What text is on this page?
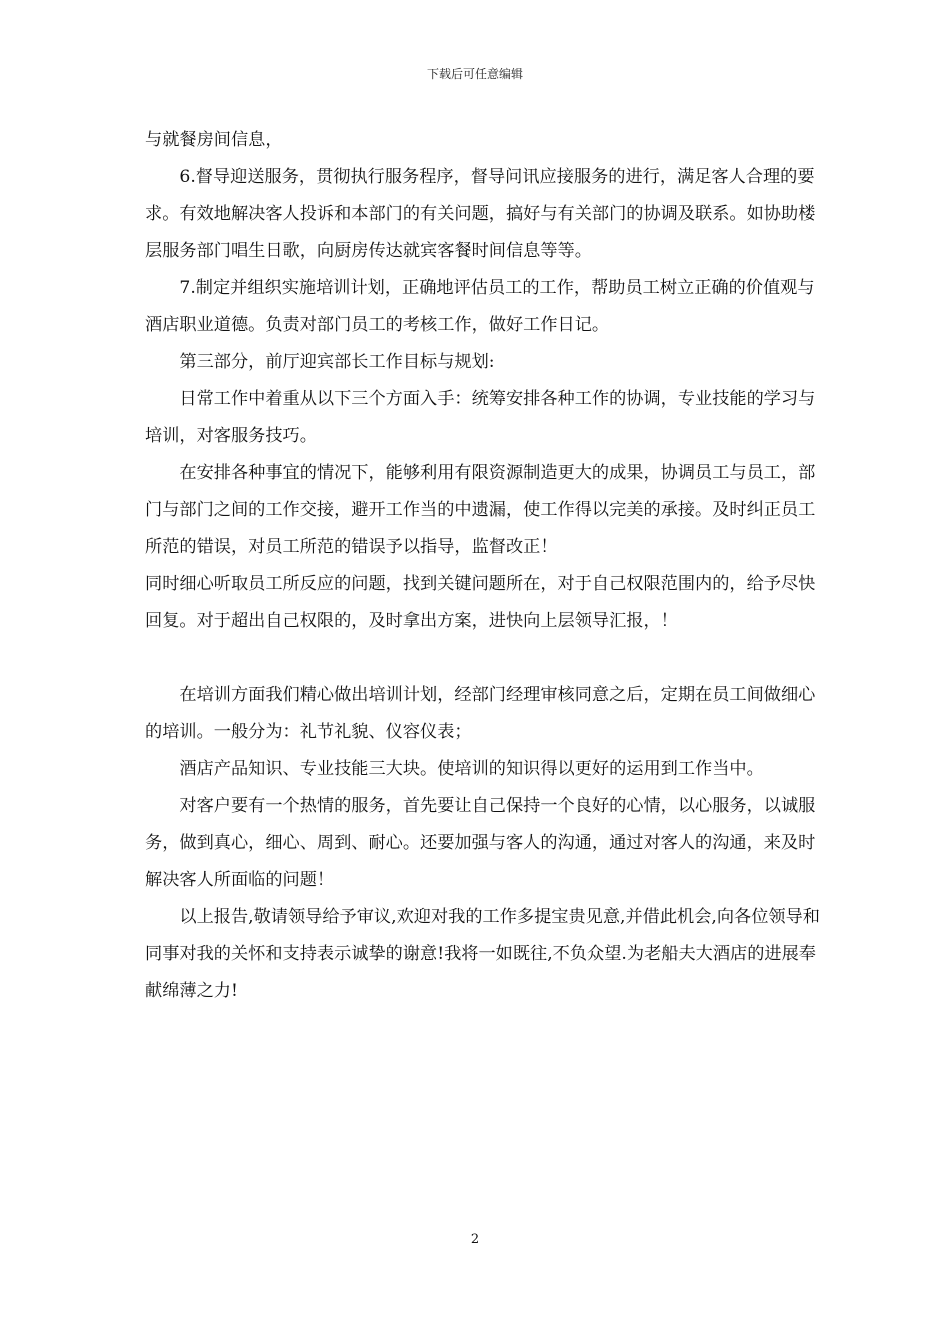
下载后可任意编辑

与就餐房间信息，

6.督导迎送服务，贯彻执行服务程序，督导问讯应接服务的进行，满足客人合理的要求。有效地解决客人投诉和本部门的有关问题，搞好与有关部门的协调及联系。如协助楼层服务部门唱生日歌，向厨房传达就宾客餐时间信息等等。

7.制定并组织实施培训计划，正确地评估员工的工作，帮助员工树立正确的价值观与酒店职业道德。负责对部门员工的考核工作，做好工作日记。

第三部分，前厅迎宾部长工作目标与规划:

日常工作中着重从以下三个方面入手：统筹安排各种工作的协调，专业技能的学习与培训，对客服务技巧。

在安排各种事宜的情况下，能够利用有限资源制造更大的成果，协调员工与员工，部门与部门之间的工作交接，避开工作当的中遗漏，使工作得以完美的承接。及时纠正员工所范的错误，对员工所范的错误予以指导，监督改正！

同时细心听取员工所反应的问题，找到关键问题所在，对于自己权限范围内的，给予尽快回复。对于超出自己权限的，及时拿出方案，进快向上层领导汇报，！

在培训方面我们精心做出培训计划，经部门经理审核同意之后，定期在员工间做细心的培训。一般分为：礼节礼貌、仪容仪表；

酒店产品知识、专业技能三大块。使培训的知识得以更好的运用到工作当中。

对客户要有一个热情的服务，首先要让自己保持一个良好的心情，以心服务，以诚服务，做到真心，细心、周到、耐心。还要加强与客人的沟通，通过对客人的沟通，来及时解决客人所面临的问题！

以上报告,敬请领导给予审议,欢迎对我的工作多提宝贵见意,并借此机会,向各位领导和同事对我的关怀和支持表示诚挚的谢意!我将一如既往,不负众望.为老船夫大酒店的进展奉献绵薄之力!

2
